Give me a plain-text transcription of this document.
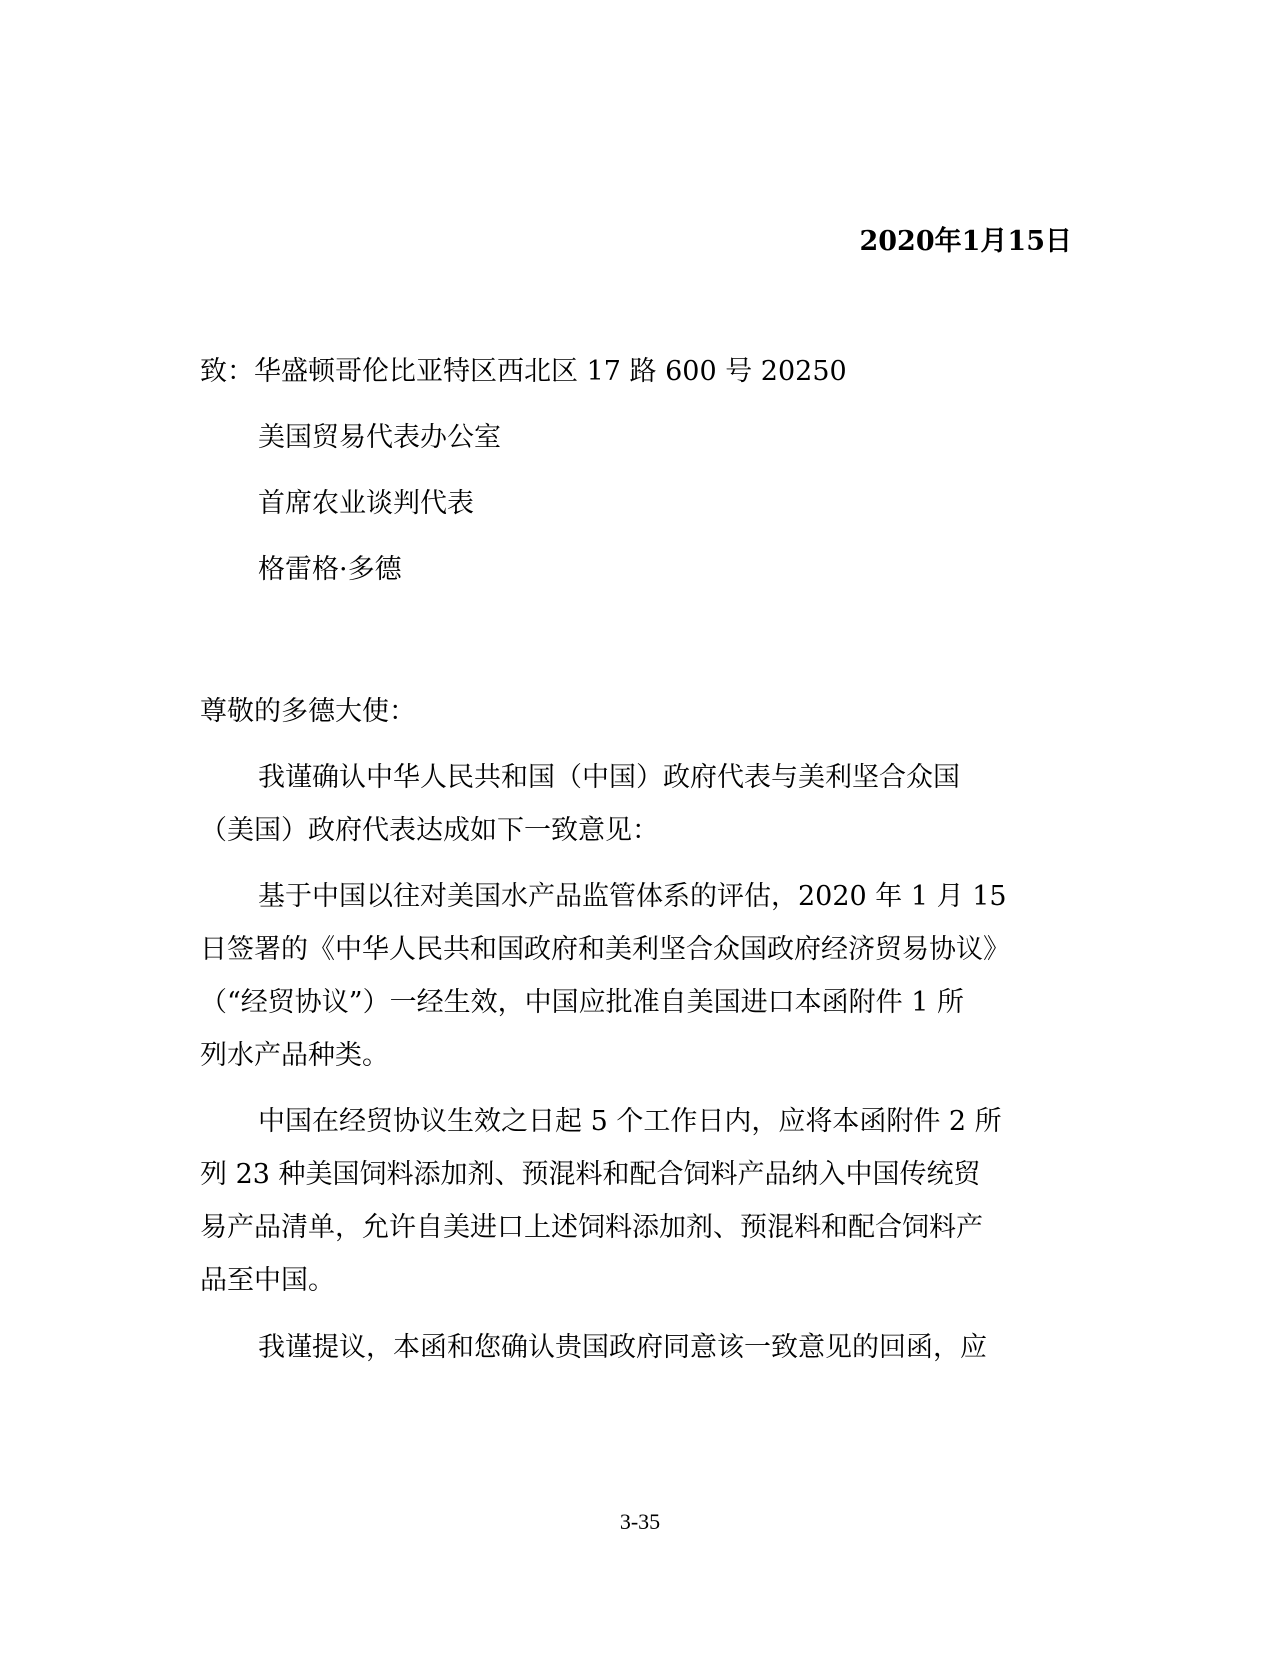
2020年1月15日
致：华盛顿哥伦比亚特区西北区 17 路 600 号 20250
美国贸易代表办公室
首席农业谈判代表
格雷格·多德
尊敬的多德大使：
我谨确认中华人民共和国（中国）政府代表与美利坚合众国
（美国）政府代表达成如下一致意见：
基于中国以往对美国水产品监管体系的评估，2020 年 1 月 15
日签署的《中华人民共和国政府和美利坚合众国政府经济贸易协议》
（“经贸协议”）一经生效，中国应批准自美国进口本函附件 1 所
列水产品种类。
中国在经贸协议生效之日起 5 个工作日内，应将本函附件 2 所
列 23 种美国饲料添加剂、预混料和配合饲料产品纳入中国传统贸
易产品清单，允许自美进口上述饲料添加剂、预混料和配合饲料产
品至中国。
我谨提议，本函和您确认贵国政府同意该一致意见的回函，应
3-35
